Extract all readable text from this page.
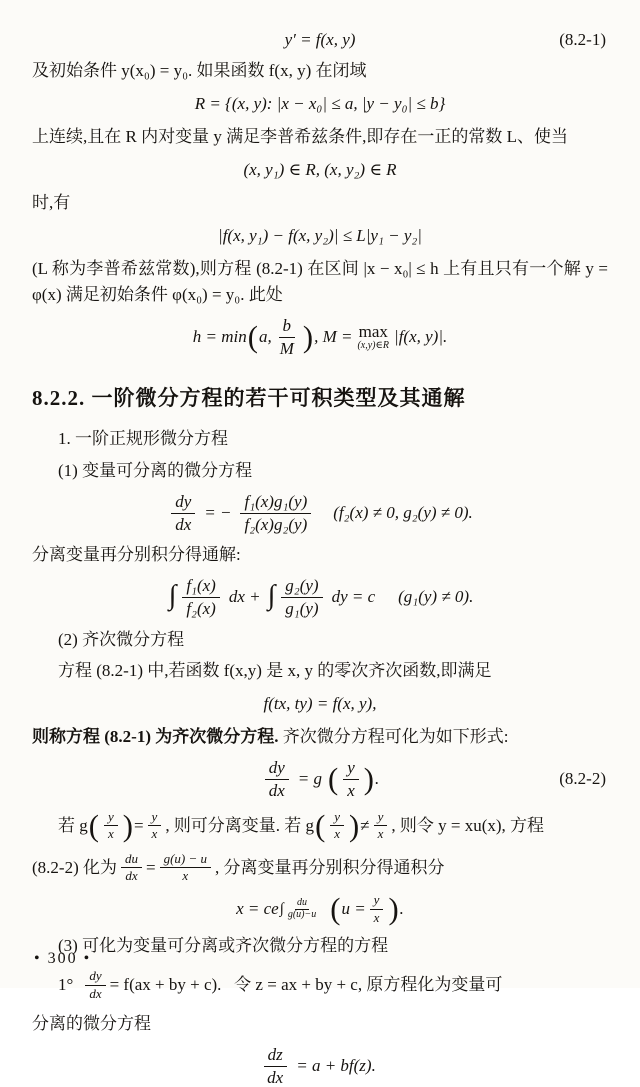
y′ = f(x, y)	(8.2-1)

及初始条件 y(x₀) = y₀. 如果函数 f(x, y) 在闭域

R = {(x, y): |x − x₀| ≤ a, |y − y₀| ≤ b}

上连续,且在 R 内对变量 y 满足李普希兹条件,即存在一正的常数 L、使当

(x, y₁) ∈ R, (x, y₂) ∈ R

时,有

|f(x, y₁) − f(x, y₂)| ≤ L|y₁ − y₂|

(L 称为李普希兹常数),则方程 (8.2-1) 在区间 |x − x₀| ≤ h 上有且只有一个解 y = φ(x) 满足初始条件 φ(x₀) = y₀. 此处

h = min ( a, $\frac{b}{M}$ ) , M = max
(x,y)∈R |f(x, y)|.
8.2.2. 一阶微分方程的若干可积类型及其通解

1. 一阶正规形微分方程

(1) 变量可分离的微分方程

$\frac{dy}{dx}$ = − $\frac{\text{f₁(x)g₁(y)}}{\text{f₂(x)g₂(y)}} (f_2(x) \ne 0$, g₂(y) ≠ 0).

分离变量再分别积分得通解:

∫ $\frac{\text{f₁(x)}}{\text{f₂(x)}}$ dx + ∫ $\frac{\text{g₂(y)}}{\text{g₁(y)}}$ dy = c (g₁(y) ≠ 0).

(2) 齐次微分方程

方程 (8.2-1) 中,若函数 f(x,y) 是 x, y 的零次齐次函数,即满足

f(tx, ty) = f(x, y),

则称方程 (8.2-1) 为齐次微分方程. 齐次微分方程可化为如下形式:

$\frac{dy}{dx} = g$ ( $\frac{y}{x}$ ) .	(8.2-2)
若 g ( $\frac{y}{x}$ ) = $\frac{y}{x}$ , 则可分离变量. 若 g ( $\frac{y}{x}$ ) ≠ $\frac{y}{x}$ , 则令 y = xu(x), 方程
(8.2-2) 化为 $\frac{du}{dx} = \frac{g(u) - u}{x}$ , 分离变量再分别积分得通积分
x = ce ∫ $\frac{du}{g(u)-u}$ ( $u = \frac{y}{x}$ ) .

(3) 可化为变量可分离或齐次微分方程的方程

$1^\circ \frac{dy}{dx} = f(ax$ + by + c).   令 z = ax + by + c, 原方程化为变量可

分离的微分方程

$\frac{dz}{dx} = a + bf(z)$.
• 300 •
